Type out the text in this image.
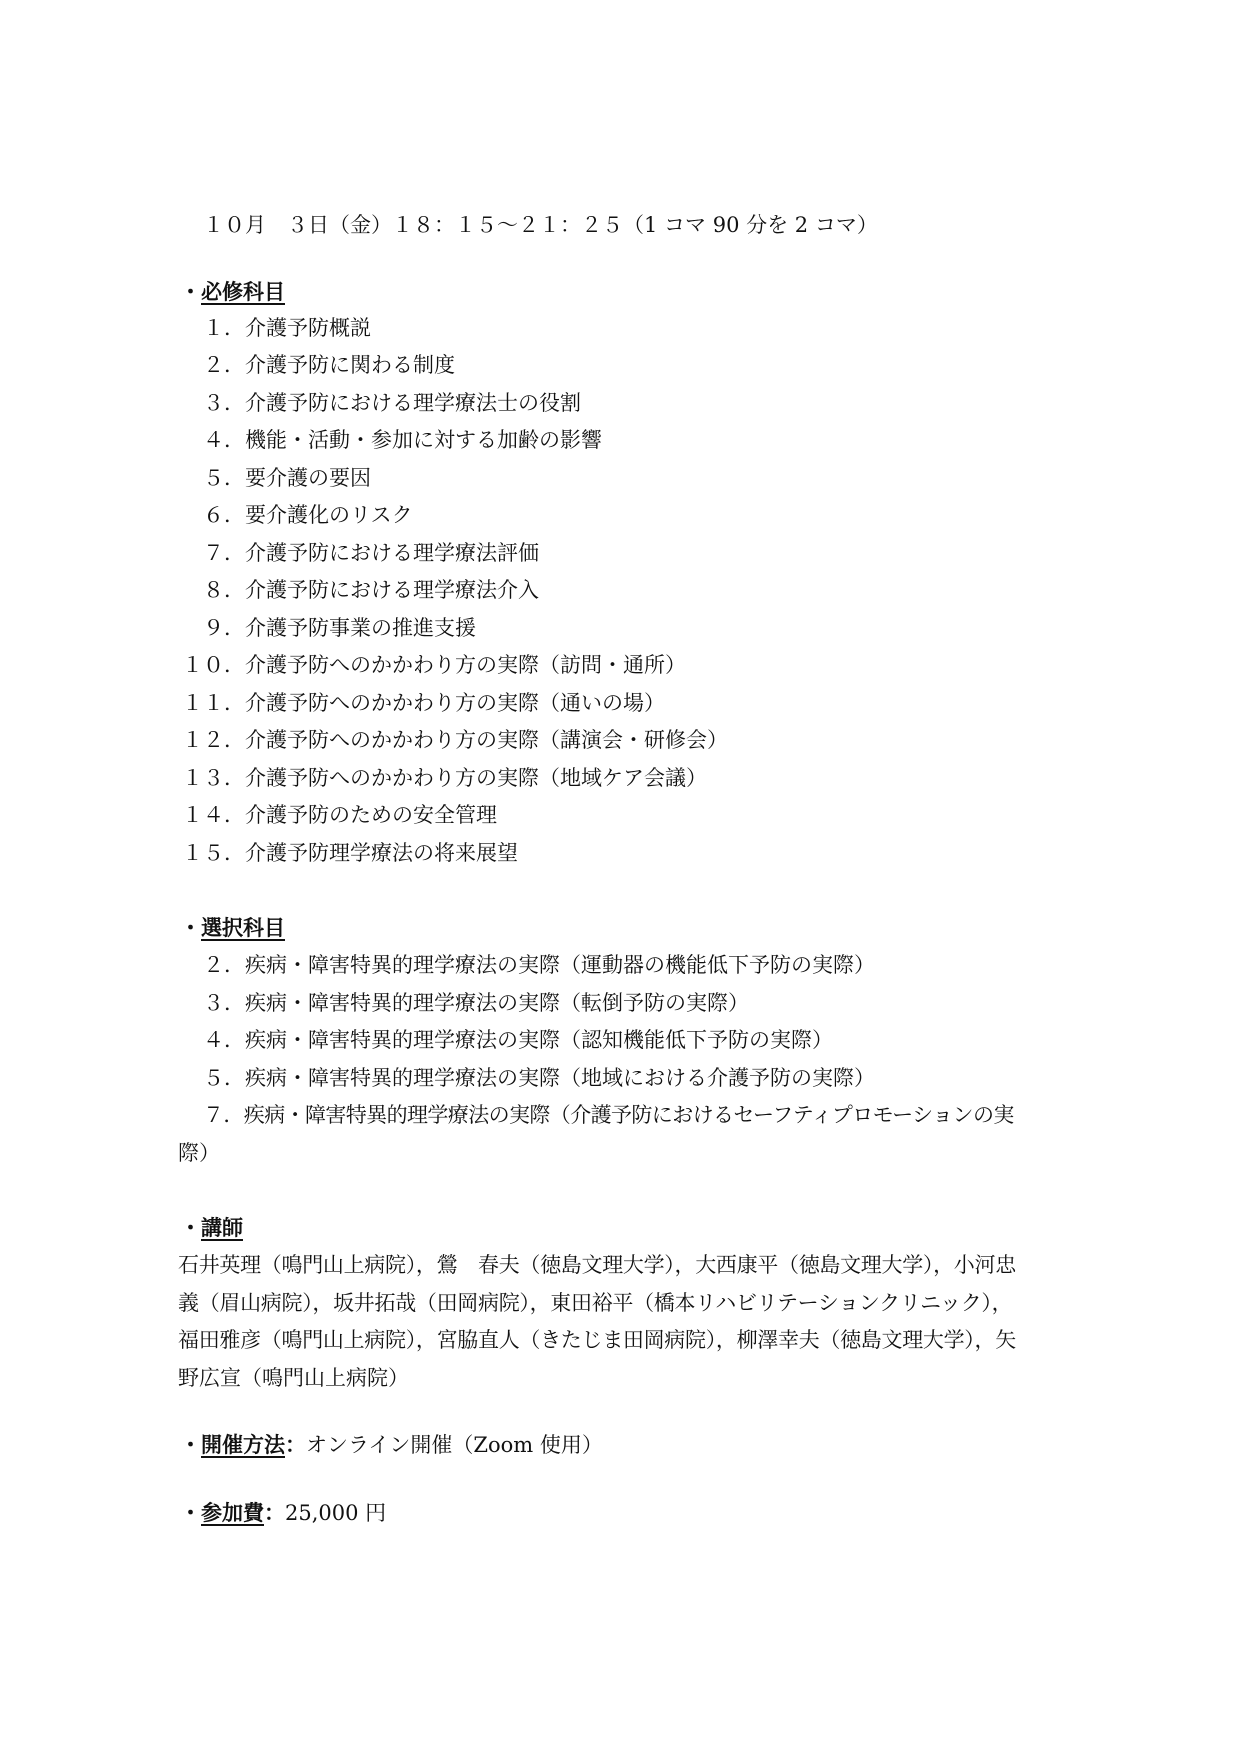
１０月　３日（金）１８：１５～２１：２５（1 コマ 90 分を 2 コマ）
・必修科目
１．介護予防概説
２．介護予防に関わる制度
３．介護予防における理学療法士の役割
４．機能・活動・参加に対する加齢の影響
５．要介護の要因
６．要介護化のリスク
７．介護予防における理学療法評価
８．介護予防における理学療法介入
９．介護予防事業の推進支援
１０．介護予防へのかかわり方の実際（訪問・通所）
１１．介護予防へのかかわり方の実際（通いの場）
１２．介護予防へのかかわり方の実際（講演会・研修会）
１３．介護予防へのかかわり方の実際（地域ケア会議）
１４．介護予防のための安全管理
１５．介護予防理学療法の将来展望
・選択科目
２．疾病・障害特異的理学療法の実際（運動器の機能低下予防の実際）
３．疾病・障害特異的理学療法の実際（転倒予防の実際）
４．疾病・障害特異的理学療法の実際（認知機能低下予防の実際）
５．疾病・障害特異的理学療法の実際（地域における介護予防の実際）
７．疾病・障害特異的理学療法の実際（介護予防におけるセーフティプロモーションの実
際）
・講師
石井英理（鳴門山上病院），鶯　春夫（徳島文理大学），大西康平（徳島文理大学），小河忠
義（眉山病院），坂井拓哉（田岡病院），東田裕平（橋本リハビリテーションクリニック），
福田雅彦（鳴門山上病院），宮脇直人（きたじま田岡病院），柳澤幸夫（徳島文理大学），矢
野広宣（鳴門山上病院）
・開催方法：オンライン開催（Zoom 使用）
・参加費：25,000 円
